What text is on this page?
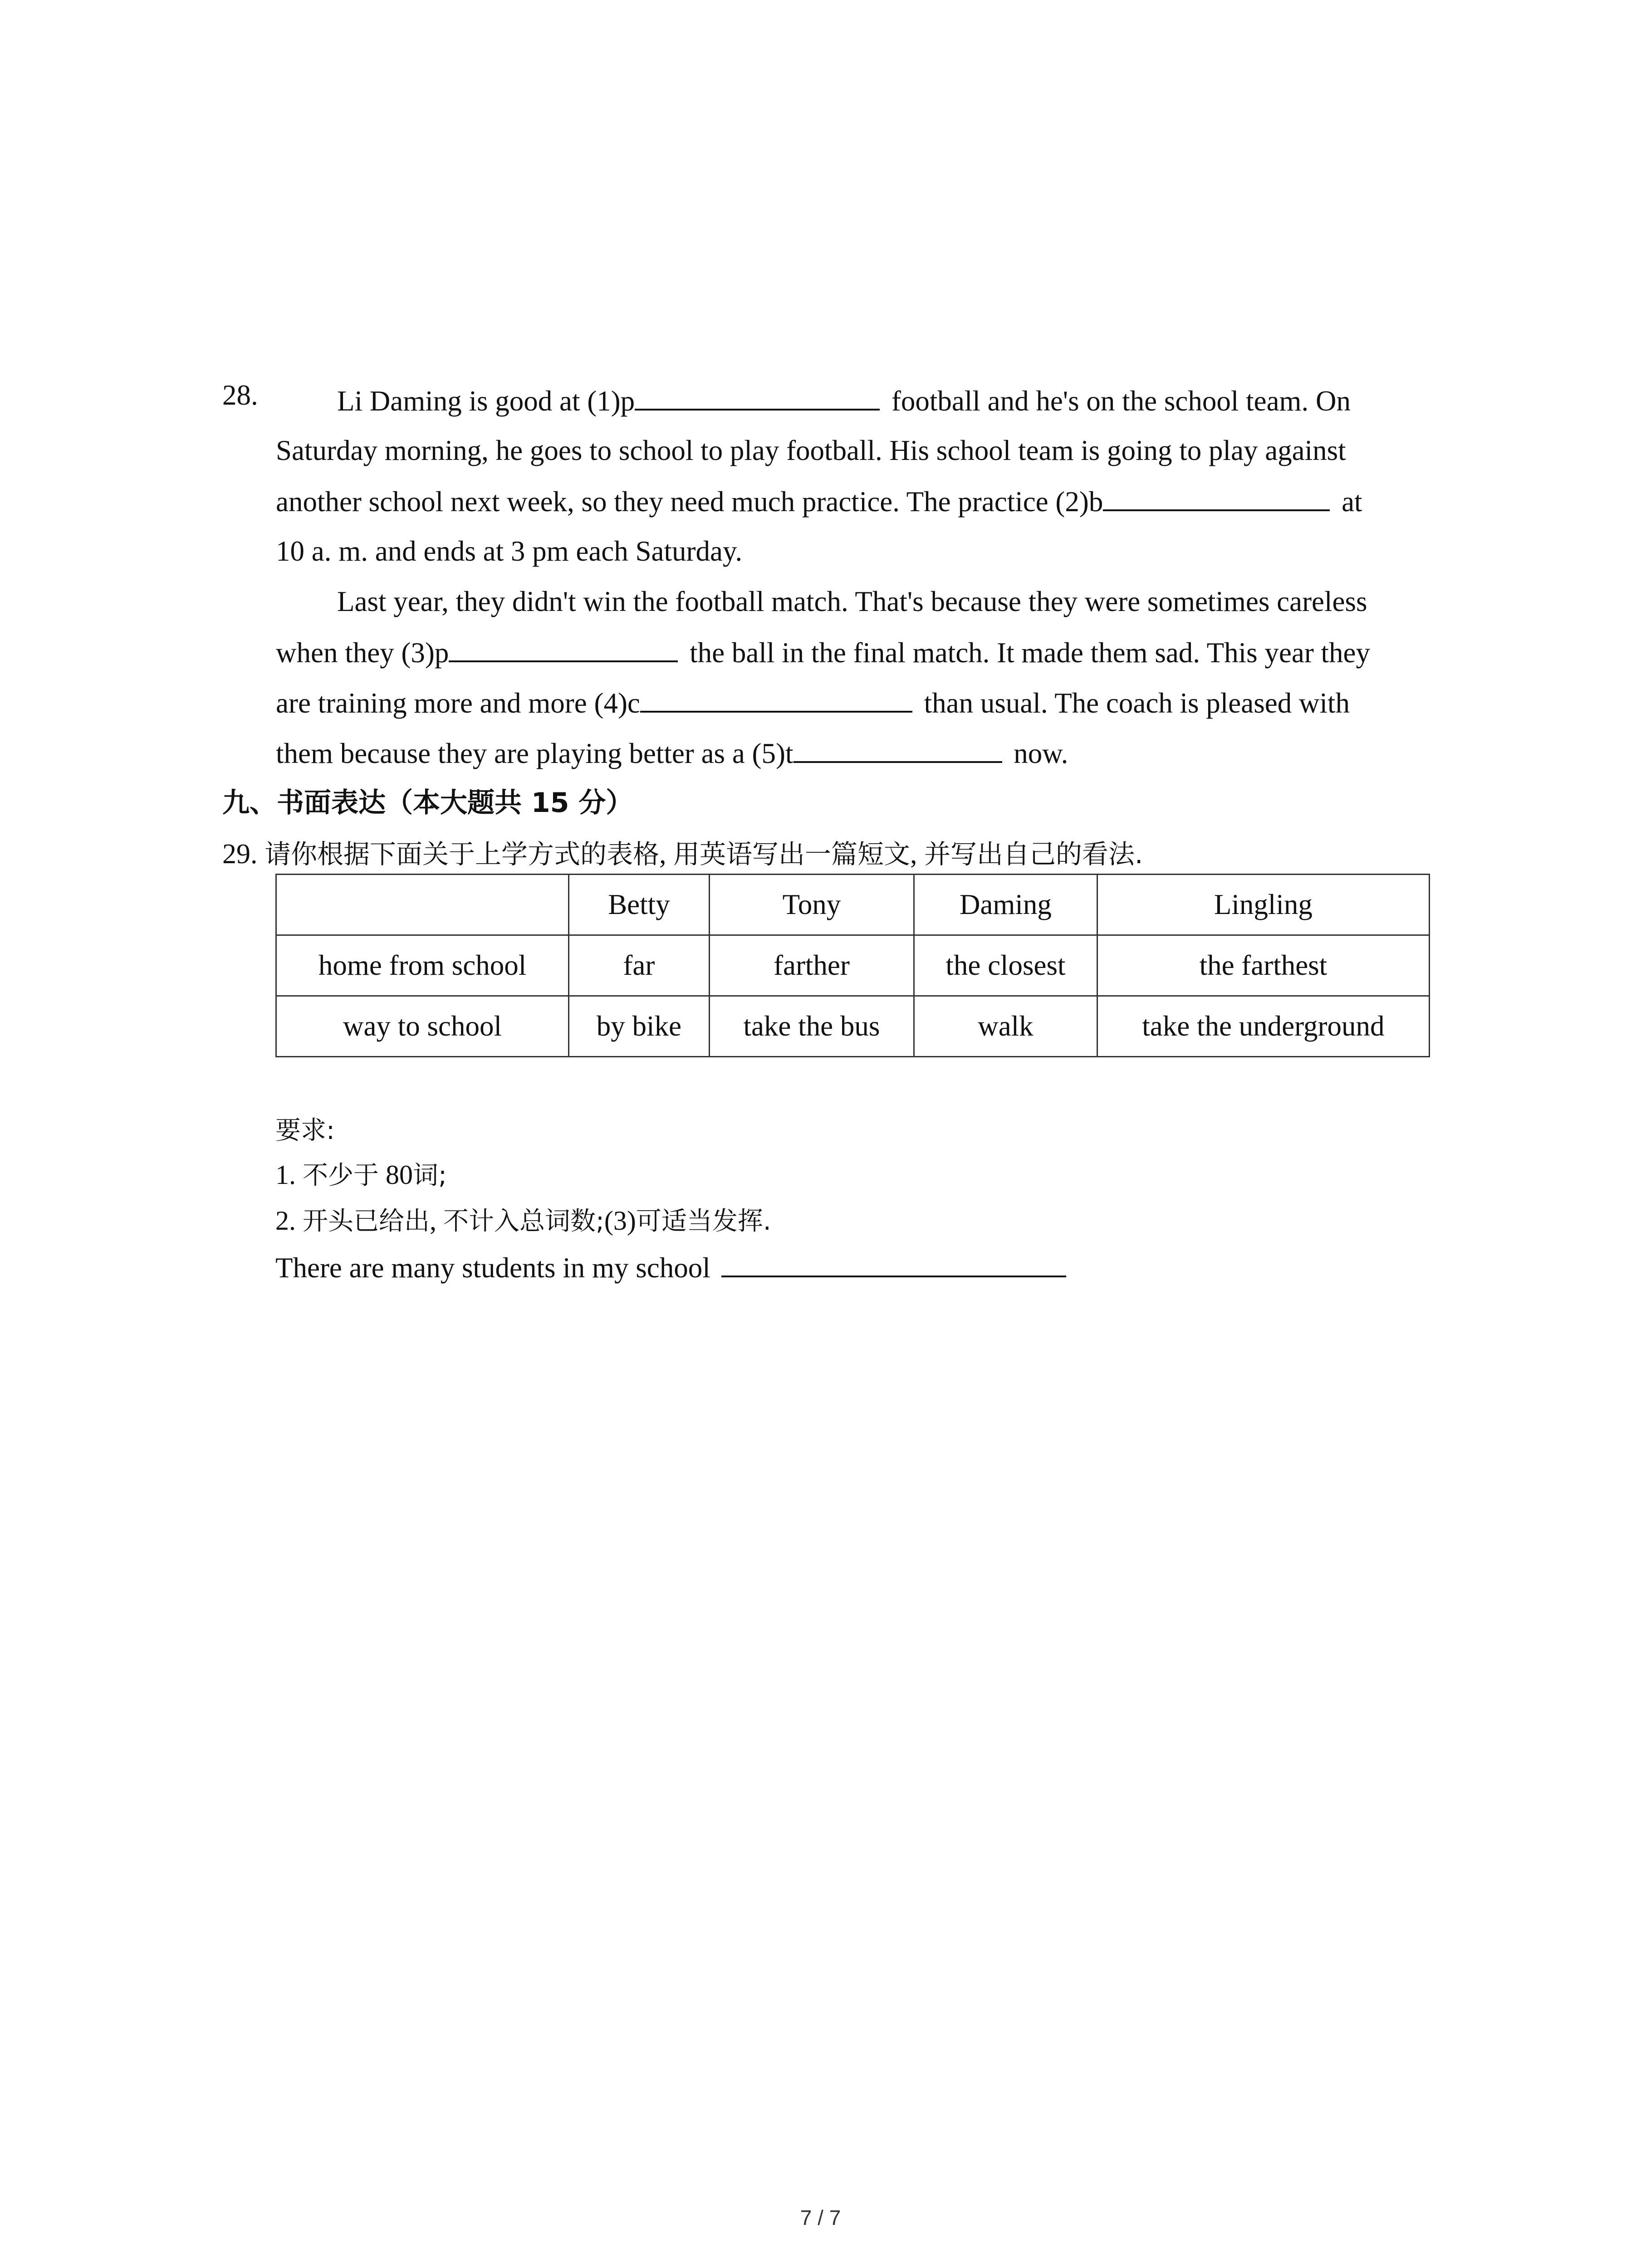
28.	Li Daming is good at (1)p	football and he's on the school team. On
Saturday morning, he goes to school to play football. His school team is going to play against
another school next week, so they need much practice. The practice (2)b	at
10 a. m. and ends at 3 pm each Saturday.
Last year, they didn't win the football match. That's because they were sometimes careless
when they (3)p	the ball in the final match. It made them sad. This year they
are training more and more (4)c	than usual. The coach is pleased with
them because they are playing better as a (5)t	now.
九、书面表达（本大题共 15 分）
29. 请你根据下面关于上学方式的表格, 用英语写出一篇短文, 并写出自己的看法.
	Betty	Tony	Daming	Lingling
home from school	far	farther	the closest	the farthest
way to school	by bike	take the bus	walk	take the underground
要求:
1. 不少于 80词;
2. 开头已给出, 不计入总词数;(3)可适当发挥.
There are many students in my school
7 / 7
